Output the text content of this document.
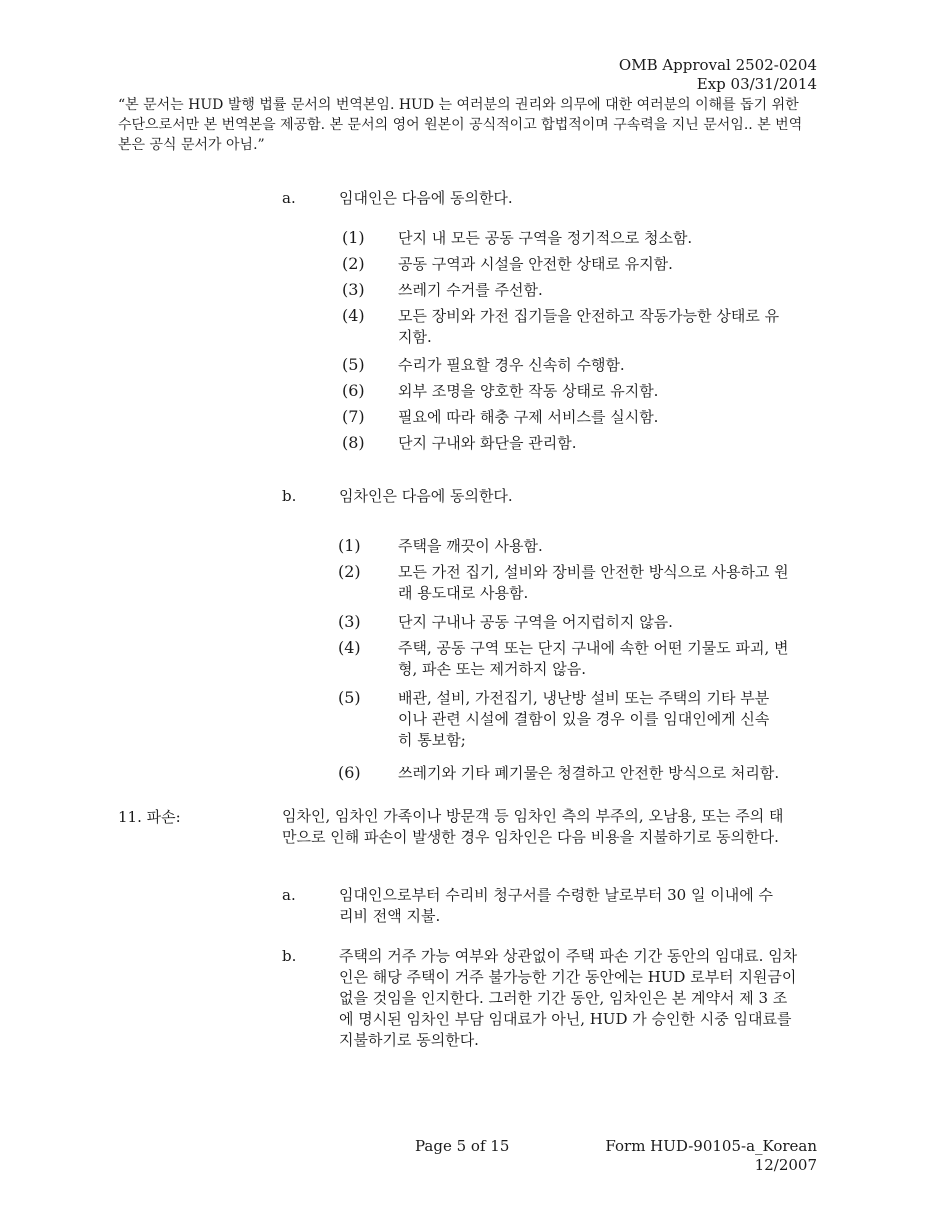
OMB Approval 2502-0204
Exp 03/31/2014
“본 문서는 HUD 발행 법률 문서의 번역본임. HUD 는 여러분의 권리와 의무에 대한 여러분의 이해를 돕기 위한 수단으로서만 본 번역본을 제공함. 본 문서의 영어 원본이 공식적이고 합법적이며 구속력을 지닌 문서임.. 본 번역본은 공식 문서가 아님.”
a.	임대인은 다음에 동의한다.
(1) 단지 내 모든 공동 구역을 정기적으로 청소함.
(2) 공동 구역과 시설을 안전한 상태로 유지함.
(3) 쓰레기 수거를 주선함.
(4) 모든 장비와 가전 집기들을 안전하고 작동가능한 상태로 유지함.
(5) 수리가 필요할 경우 신속히 수행함.
(6) 외부 조명을 양호한 작동 상태로 유지함.
(7) 필요에 따라 해충 구제 서비스를 실시함.
(8) 단지 구내와 화단을 관리함.
b.	임차인은 다음에 동의한다.
(1) 주택을 깨끗이 사용함.
(2) 모든 가전 집기, 설비와 장비를 안전한 방식으로 사용하고 원래 용도대로 사용함.
(3) 단지 구내나 공동 구역을 어지럽히지 않음.
(4) 주택, 공동 구역 또는 단지 구내에 속한 어떤 기물도 파괴, 변형, 파손 또는 제거하지 않음.
(5) 배관, 설비, 가전집기, 냉난방 설비 또는 주택의 기타 부분이나 관련 시설에 결함이 있을 경우 이를 임대인에게 신속히 통보함;
(6) 쓰레기와 기타 폐기물은 청결하고 안전한 방식으로 처리함.
11. 파손:	임차인, 임차인 가족이나 방문객 등 임차인 측의 부주의, 오남용, 또는 주의 태만으로 인해 파손이 발생한 경우 임차인은 다음 비용을 지불하기로 동의한다.
a.	임대인으로부터 수리비 청구서를 수령한 날로부터 30 일 이내에 수리비 전액 지불.
b.	주택의 거주 가능 여부와 상관없이 주택 파손 기간 동안의 임대료. 임차인은 해당 주택이 거주 불가능한 기간 동안에는 HUD 로부터 지원금이 없을 것임을 인지한다. 그러한 기간 동안, 임차인은 본 계약서 제 3 조에 명시된 임차인 부담 임대료가 아닌, HUD 가 승인한 시중 임대료를 지불하기로 동의한다.
Page 5 of 15	Form HUD-90105-a_Korean
12/2007
